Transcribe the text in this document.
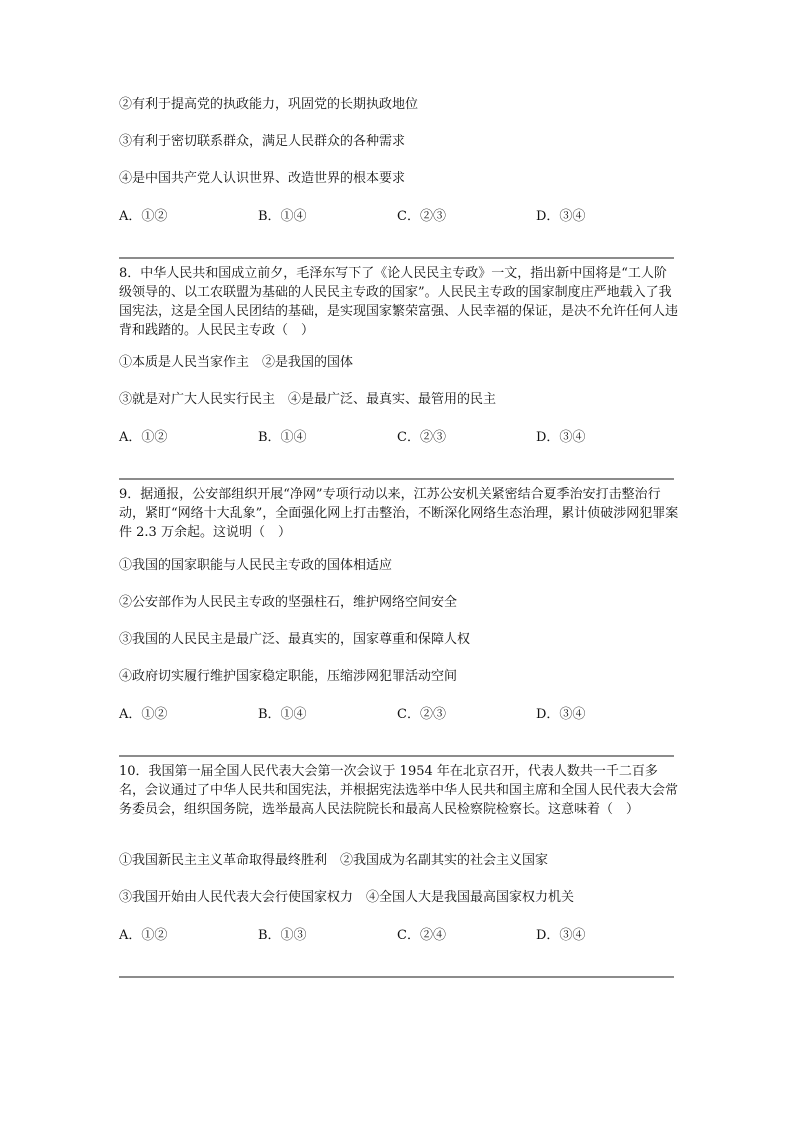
②有利于提高党的执政能力，巩固党的长期执政地位

③有利于密切联系群众，满足人民群众的各种需求

④是中国共产党人认识世界、改造世界的根本要求

A．①②	B．①④	C．②③	D．③④

8．中华人民共和国成立前夕，毛泽东写下了《论人民民主专政》一文，指出新中国将是“工人阶级领导的、以工农联盟为基础的人民民主专政的国家”。人民民主专政的国家制度庄严地载入了我国宪法，这是全国人民团结的基础，是实现国家繁荣富强、人民幸福的保证，是决不允许任何人违背和践踏的。人民民主专政（　）

①本质是人民当家作主　②是我国的国体

③就是对广大人民实行民主　④是最广泛、最真实、最管用的民主

A．①②	B．①④	C．②③	D．③④

9．据通报，公安部组织开展“净网”专项行动以来，江苏公安机关紧密结合夏季治安打击整治行动，紧盯“网络十大乱象”，全面强化网上打击整治，不断深化网络生态治理，累计侦破涉网犯罪案件 2.3 万余起。这说明（　）

①我国的国家职能与人民民主专政的国体相适应

②公安部作为人民民主专政的坚强柱石，维护网络空间安全

③我国的人民民主是最广泛、最真实的，国家尊重和保障人权

④政府切实履行维护国家稳定职能，压缩涉网犯罪活动空间

A．①②	B．①④	C．②③	D．③④

10．我国第一届全国人民代表大会第一次会议于 1954 年在北京召开，代表人数共一千二百多名，会议通过了中华人民共和国宪法，并根据宪法选举中华人民共和国主席和全国人民代表大会常务委员会，组织国务院，选举最高人民法院院长和最高人民检察院检察长。这意味着（　）

①我国新民主主义革命取得最终胜利　②我国成为名副其实的社会主义国家

③我国开始由人民代表大会行使国家权力　④全国人大是我国最高国家权力机关

A．①②	B．①③	C．②④	D．③④
